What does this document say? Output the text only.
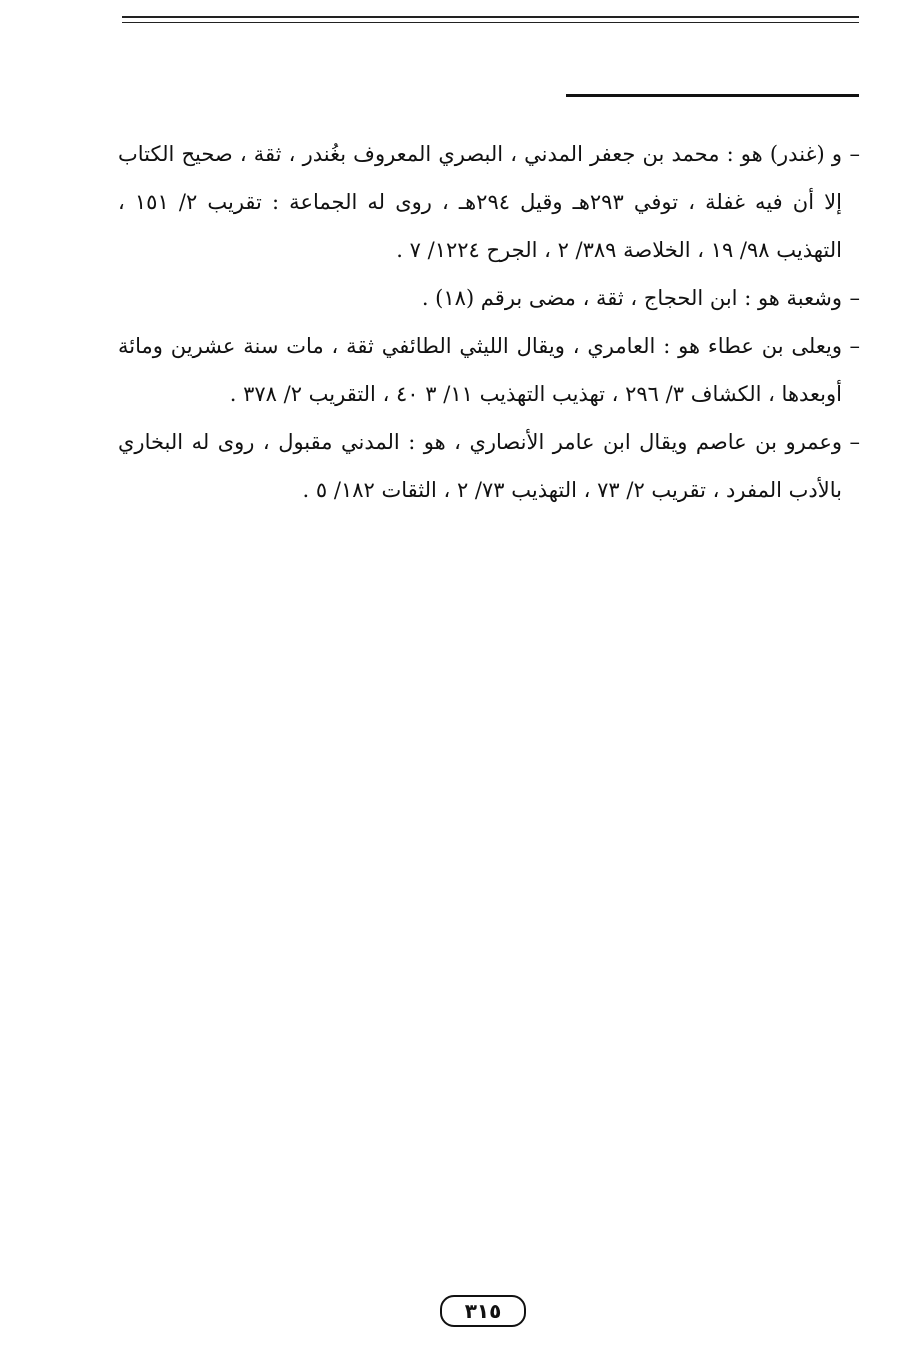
–
و (غندر) هو : محمد بن جعفر المدني ، البصري المعروف بغُندر ، ثقة ، صحيح الكتاب إلا أن فيه غفلة ، توفي ٢٩٣هـ وقيل ٢٩٤هـ ، روى له الجماعة : تقريب ٢/ ١٥١ ، التهذيب ٩٨/ ١٩ ، الخلاصة ٣٨٩/ ٢ ، الجرح ١٢٢٤/ ٧ .

–
وشعبة هو : ابن الحجاج ، ثقة ، مضى برقم (١٨) .

–
ويعلى بن عطاء هو : العامري ، ويقال الليثي الطائفي ثقة ، مات سنة عشرين ومائة أوبعدها ، الكشاف ٣/ ٢٩٦ ، تهذيب التهذيب ١١/ ٣ ٤٠ ، التقريب ٢/ ٣٧٨ .

–
وعمرو بن عاصم ويقال ابن عامر الأنصاري ، هو : المدني مقبول ، روى له البخاري بالأدب المفرد ، تقريب ٢/ ٧٣ ، التهذيب ٧٣/ ٢ ، الثقات ١٨٢/ ٥ .

٣١٥
